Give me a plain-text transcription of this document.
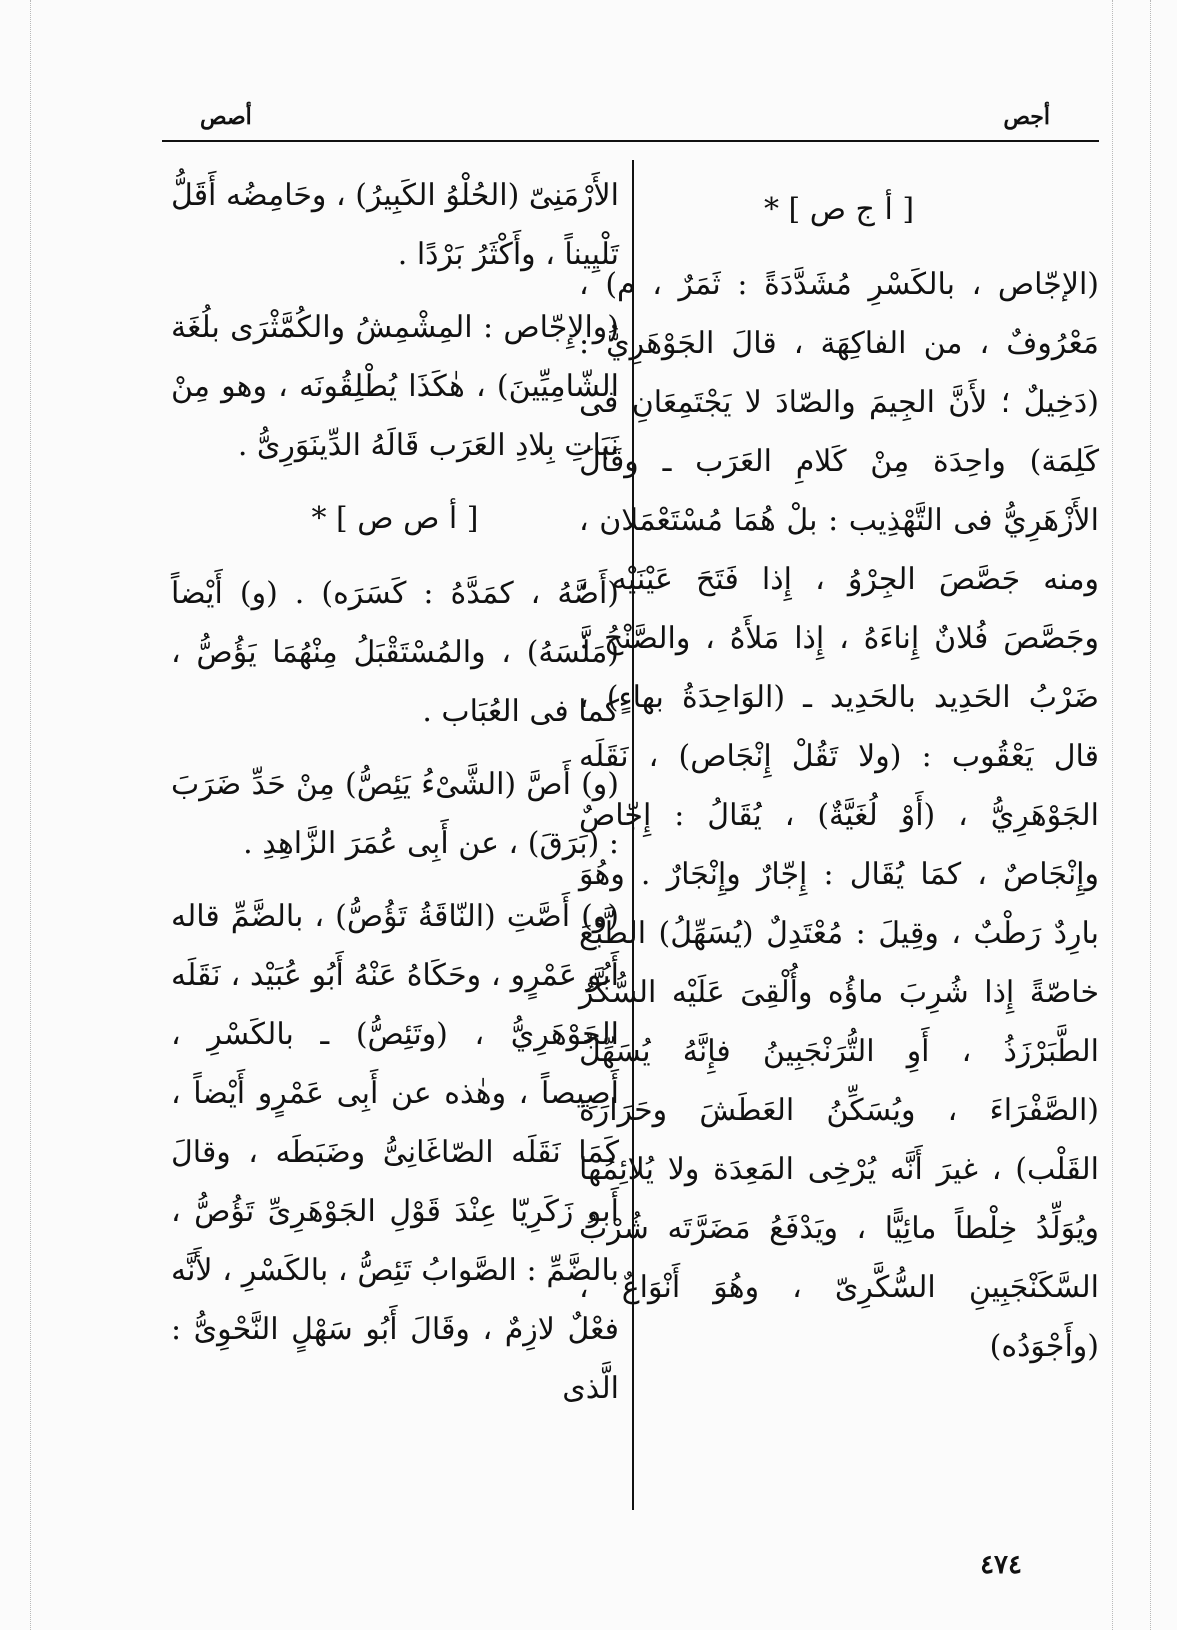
أجص
أصص

[ أ ج ص ] *

(الإجّاص ، بالكَسْرِ مُشَدَّدَةً : ثَمَرٌ ، م) ، مَعْرُوفٌ ، من الفاكِهَة ، قالَ الجَوْهَرِيُّ : (دَخِيلٌ ؛ لأَنَّ الجِيمَ والصّادَ لا يَجْتَمِعَانِ فى كَلِمَة) واحِدَة مِنْ كَلامِ العَرَب ـ وقَالَ الأَزْهَرِيُّ فى التَّهْذِيب : بلْ هُمَا مُسْتَعْمَلان ، ومنه جَصَّصَ الجِرْوُ ، إِذا فَتَحَ عَيْنَيْه ، وجَصَّصَ فُلانٌ إِناءَهُ ، إِذا مَلأَهُ ، والصَّنْجُ : ضَرْبُ الحَدِيد بالحَدِيد ـ (الوَاحِدَةُ بهاءٍ) ، قال يَعْقُوب : (ولا تَقُلْ إِنْجَاص) ، نَقَلَه الجَوْهَرِيُّ ، (أَوْ لُغَيَّةٌ) ، يُقَالُ : إِجّاصٌ وإِنْجَاصٌ ، كمَا يُقَال : إِجّارٌ وإِنْجَارٌ . وهُوَ بارِدٌ رَطْبٌ ، وقِيلَ : مُعْتَدِلٌ (يُسَهِّلُ) الطَّبْعَ خاصّةً إِذا شُرِبَ ماؤُه وأُلْقِىَ عَلَيْه السُّكَّرُ الطَّبَرْزَذُ ، أَوِ التُّرَنْجَبِينُ فإِنَّهُ يُسَهِّلُ (الصَّفْرَاءَ ، ويُسَكِّنُ العَطَشَ وحَرَارَةَ القَلْب) ، غيرَ أَنَّه يُرْخِى المَعِدَة ولا يُلائِمُها ويُوَلِّدُ خِلْطاً مائِيًّا ، ويَدْفَعُ مَضَرَّتَه شُرْبُ السَّكَنْجَبِينِ السُّكَّرِىّ ، وهُوَ أَنْوَاعٌ ، (وأَجْوَدُه)

الأَرْمَنِىّ (الحُلْوُ الكَبِيرُ) ، وحَامِضُه أَقَلُّ تَلْيِيناً ، وأَكْثَرُ بَرْدًا .

(والإِجّاص : المِشْمِشُ والكُمَّثْرَى بلُغَة الشّامِيِّينَ) ، هٰكَذَا يُطْلِقُونَه ، وهو مِنْ نَبَاتِ بِلادِ العَرَب قَالَهُ الدِّينَوَرِىُّ .

[ أ ص ص ] *

(أَصَّهُ ، كمَدَّهُ : كَسَرَه) . (و) أَيْضاً (مَلَّسَهُ) ، والمُسْتَقْبَلُ مِنْهُمَا يَؤُصُّ ، كما فى العُبَاب .

(و) أَصَّ (الشَّىْءُ يَئِصُّ) مِنْ حَدِّ ضَرَبَ : (بَرَقَ) ، عن أَبِى عُمَرَ الزَّاهِدِ .

(و) أَصَّتِ (النّاقَةُ تَؤُصُّ) ، بالضَّمِّ قاله أَبُو عَمْرٍو ، وحَكَاهُ عَنْهُ أَبُو عُبَيْد ، نَقَلَه الجَوْهَرِيُّ ، (وتَئِصُّ) ـ بالكَسْرِ ، أَصِيصاً ، وهٰذه عن أَبِى عَمْرٍو أَيْضاً ، كَمَا نَقَلَه الصّاغَانِىُّ وضَبَطَه ، وقالَ أَبو زَكَرِيّا عِنْدَ قَوْلِ الجَوْهَرِىِّ تَؤُصُّ ، بالضَّمِّ : الصَّوابُ تَئِصُّ ، بالكَسْرِ ، لأَنَّه فعْلٌ لازِمٌ ، وقَالَ أَبُو سَهْلٍ النَّحْوِىُّ : الَّذى

٤٧٤
